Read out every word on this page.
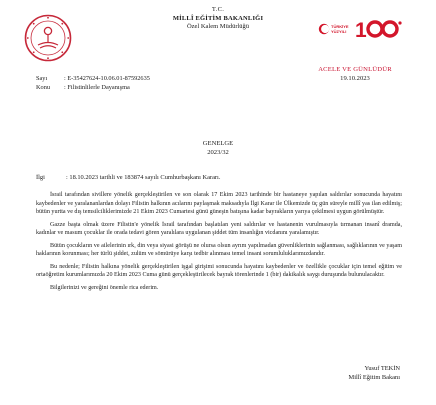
T.C.
MİLLÎ EĞİTİM BAKANLIĞI
Özel Kalem Müdürlüğü	TÜRKİYE
YÜZYILI 1
ACELE VE GÜNLÜDÜR
19.10.2023
Sayı	: E-35427624-10.06.01-87592635
Konu	: Filistinlilerle Dayanışma
GENELGE
2023/32
İlgi	: 18.10.2023 tarihli ve 183874 sayılı Cumhurbaşkanı Kararı.

İsrail tarafından sivillere yönelik gerçekleştirilen ve son olarak 17 Ekim 2023 tarihinde bir hastaneye yapılan saldırılar sonucunda hayatını kaybedenler ve yaralananlardan dolayı Filistin halkının acılarını paylaşmak maksadıyla İlgi Karar ile Ülkemizde üç gün süreyle millî yas ilan edilmiş; bütün yurtta ve dış temsilciliklerimizde 21 Ekim 2023 Cumartesi günü güneşin batışına kadar bayrakların yarıya çekilmesi uygun görülmüştür.

Gazze başta olmak üzere Filistin'e yönelik İsrail tarafından başlatılan yeni saldırılar ve hastanenin vurulmasıyla tırmanan insanî dramda, kadınlar ve masum çocuklar ile orada tedavi gören yaralılara uygulanan şiddet tüm insanlığın vicdanını yaralamıştır.

Bütün çocukların ve ailelerinin ırk, din veya siyasi görüşü ne olursa olsun ayrım yapılmadan güvenliklerinin sağlanması, sağlıklarının ve yaşam haklarının korunması; her türlü şiddet, zulüm ve sömürüye karşı tedbir alınması temel insani sorumluluklarımızdandır.

Bu nedenle; Filistin halkına yönelik gerçekleştirilen işgal girişimi sonucunda hayatını kaybedenler ve özellikle çocuklar için temel eğitim ve ortaöğretim kurumlarımızda 20 Ekim 2023 Cuma günü gerçekleştirilecek bayrak törenlerinde 1 (bir) dakikalık saygı duruşunda bulunulacaktır.

Bilgilerinizi ve gereğini önemle rica ederim.

Yusuf TEKİN
Millî Eğitim Bakanı
